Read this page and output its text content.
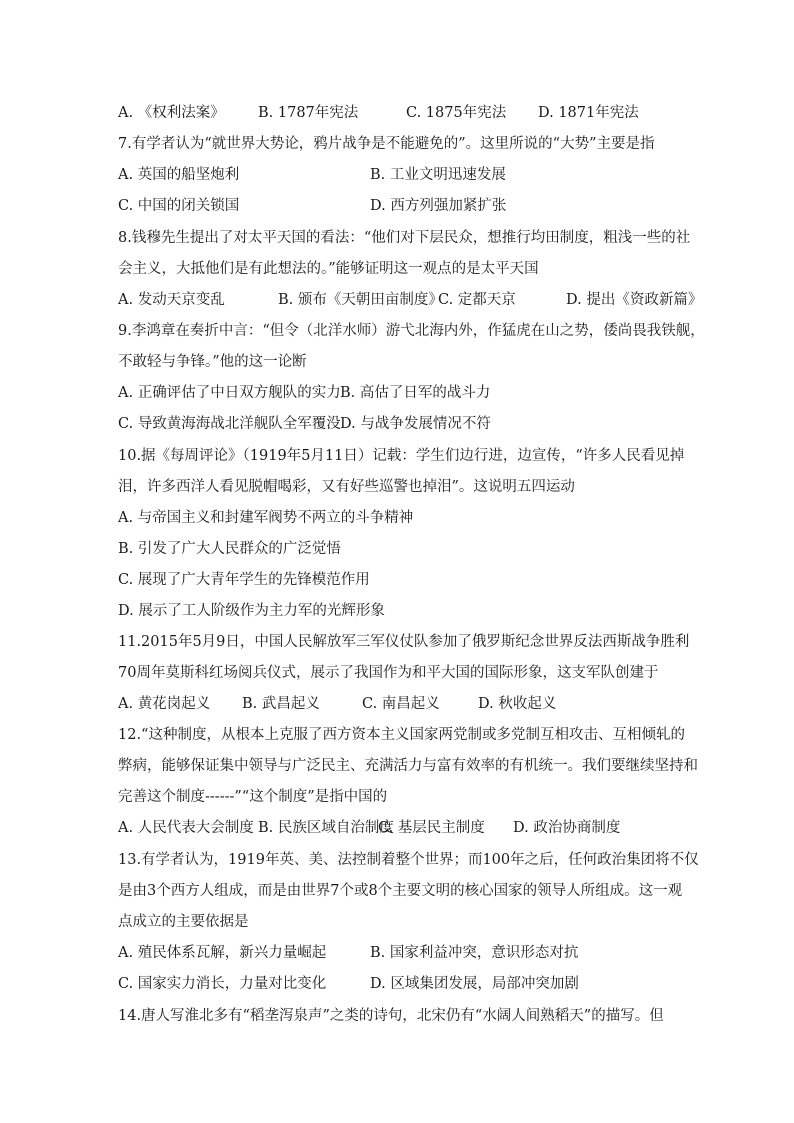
A. 《权利法案》 B. 1787年宪法	C. 1875年宪法 D. 1871年宪法
7.有学者认为“就世界大势论，鸦片战争是不能避免的”。这里所说的“大势”主要是指
A. 英国的船坚炮利	B. 工业文明迅速发展
C. 中国的闭关锁国	D. 西方列强加紧扩张
8.钱穆先生提出了对太平天国的看法：“他们对下层民众，想推行均田制度，粗浅一些的社
会主义，大抵他们是有此想法的。”能够证明这一观点的是太平天国
A. 发动天京变乱	B. 颁布《天朝田亩制度》
C. 定都天京	D. 提出《资政新篇》
9.李鸿章在奏折中言：“但令（北洋水师）游弋北海内外，作猛虎在山之势，倭尚畏我铁舰，
不敢轻与争锋。”他的这一论断
A. 正确评估了中日双方舰队的实力 B. 高估了日军的战斗力
C. 导致黄海海战北洋舰队全军覆没 D. 与战争发展情况不符
10.据《每周评论》（1919年5月11日）记载：学生们边行进，边宣传，“许多人民看见掉
泪，许多西洋人看见脱帽喝彩，又有好些巡警也掉泪”。这说明五四运动
A. 与帝国主义和封建军阀势不两立的斗争精神
B. 引发了广大人民群众的广泛觉悟
C. 展现了广大青年学生的先锋模范作用
D. 展示了工人阶级作为主力军的光辉形象
11.2015年5月9日，中国人民解放军三军仪仗队参加了俄罗斯纪念世界反法西斯战争胜利
70周年莫斯科红场阅兵仪式，展示了我国作为和平大国的国际形象，这支军队创建于
A. 黄花岗起义 B. 武昌起义	C. 南昌起义	D. 秋收起义
12.“这种制度，从根本上克服了西方资本主义国家两党制或多党制互相攻击、互相倾轧的
弊病，能够保证集中领导与广泛民主、充满活力与富有效率的有机统一。我们要继续坚持和
完善这个制度------”“这个制度”是指中国的
A. 人民代表大会制度 B. 民族区域自治制度
C. 基层民主制度 D. 政治协商制度
13.有学者认为，1919年英、美、法控制着整个世界；而100年之后，任何政治集团将不仅
是由3个西方人组成，而是由世界7个或8个主要文明的核心国家的领导人所组成。这一观
点成立的主要依据是
A. 殖民体系瓦解，新兴力量崛起	B. 国家利益冲突，意识形态对抗
C. 国家实力消长，力量对比变化	D. 区域集团发展，局部冲突加剧
14.唐人写淮北多有“稻垄泻泉声”之类的诗句，北宋仍有“水阔人间熟稻天”的描写。但
